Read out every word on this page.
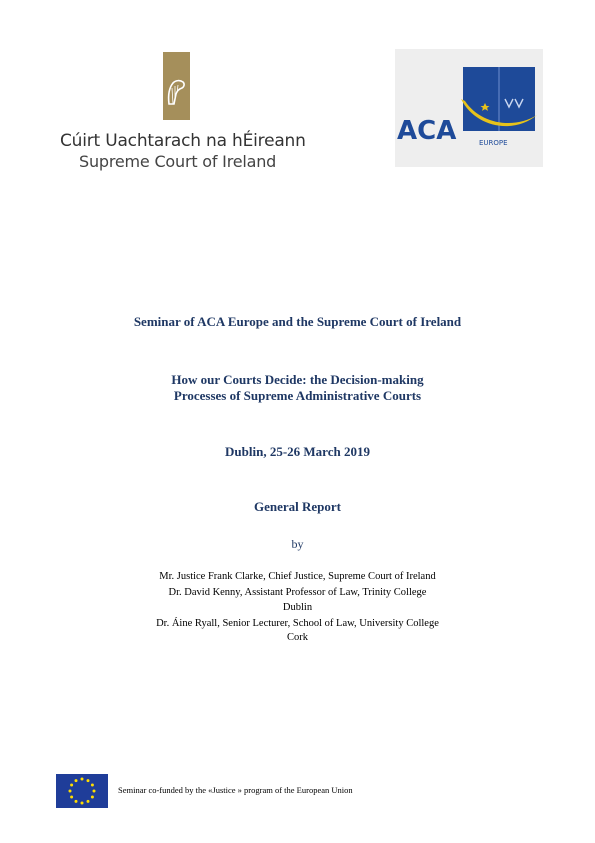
Cúirt Uachtarach na hÉireann
Supreme Court of Ireland
ACA	EUROPE
Seminar of ACA Europe and the Supreme Court of Ireland
How our Courts Decide: the Decision-making
Processes of Supreme Administrative Courts
Dublin, 25-26 March 2019
General Report
by
Mr. Justice Frank Clarke, Chief Justice, Supreme Court of Ireland
Dr. David Kenny, Assistant Professor of Law, Trinity College
Dublin
Dr. Áine Ryall, Senior Lecturer, School of Law, University College
Cork
Seminar co-funded by the «Justice » program of the European Union
